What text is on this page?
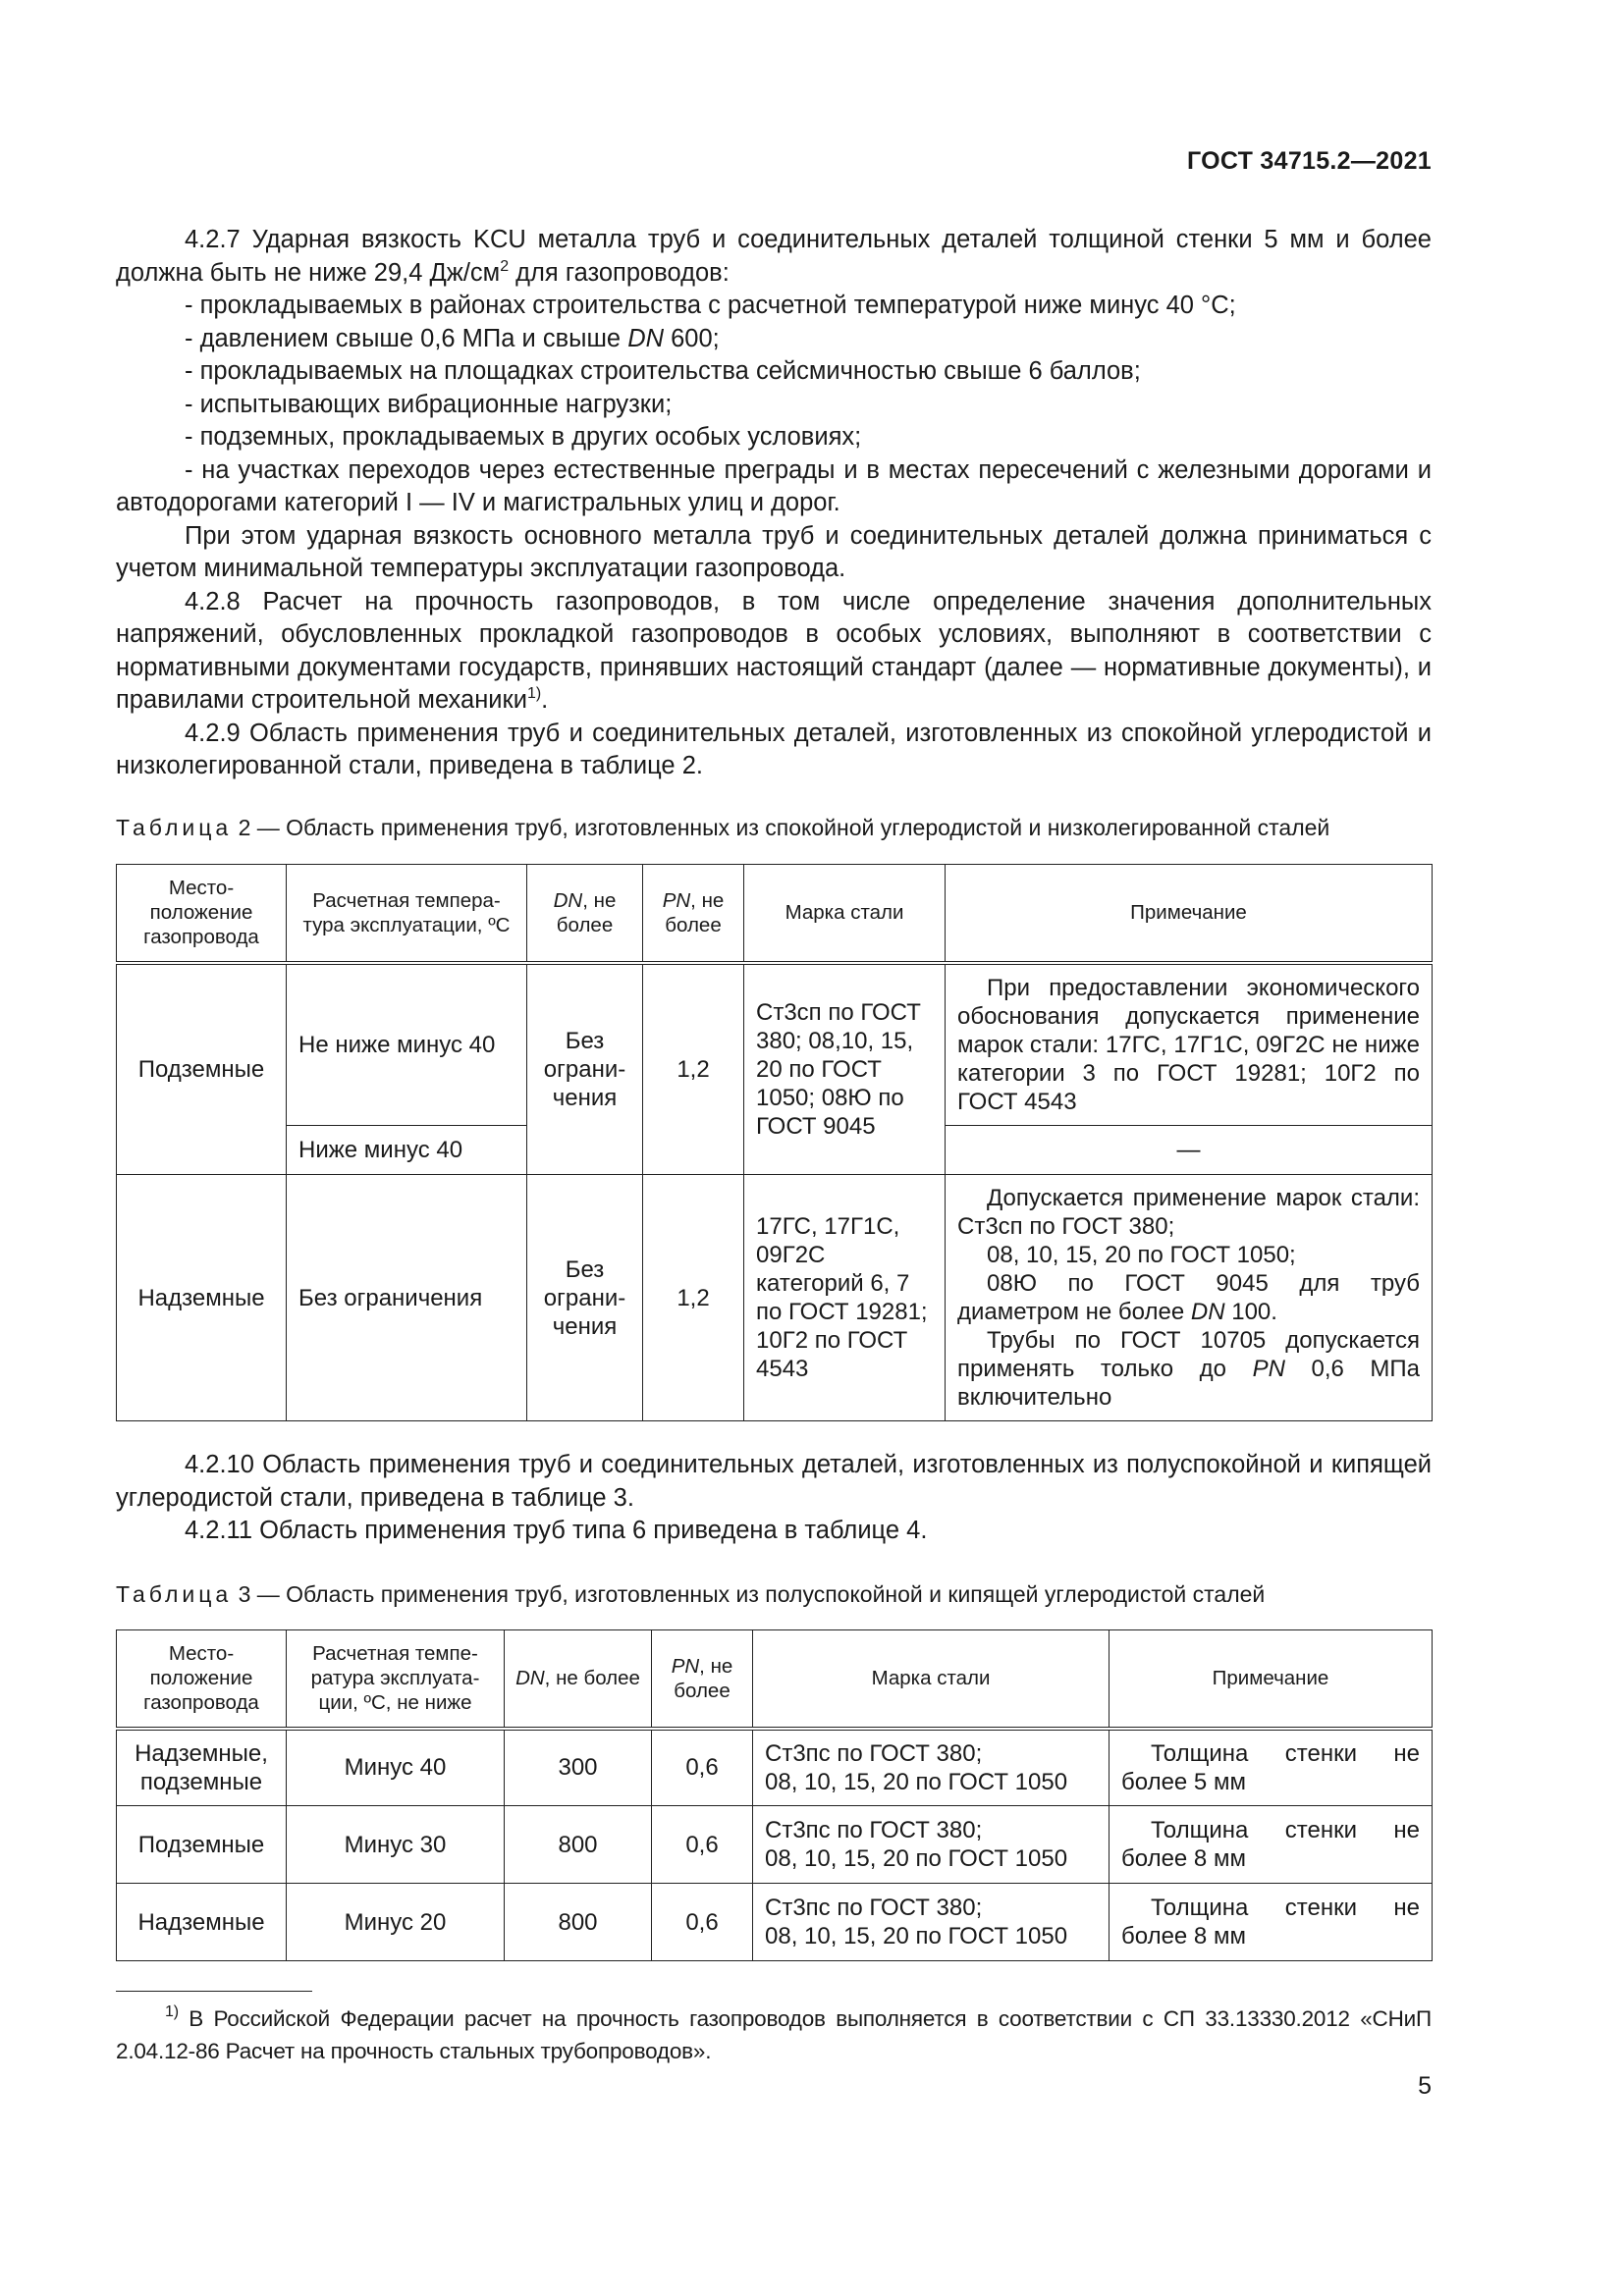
ГОСТ 34715.2—2021

4.2.7 Ударная вязкость KCU металла труб и соединительных деталей толщиной стенки 5 мм и более должна быть не ниже 29,4 $Дж/см^2$ для газопроводов:

- прокладываемых в районах строительства с расчетной температурой ниже минус 40 °С;

- давлением свыше 0,6 МПа и свыше DN 600;

- прокладываемых на площадках строительства сейсмичностью свыше 6 баллов;

- испытывающих вибрационные нагрузки;

- подземных, прокладываемых в других особых условиях;

- на участках переходов через естественные преграды и в местах пересечений с железными дорогами и автодорогами категорий I — IV и магистральных улиц и дорог.

При этом ударная вязкость основного металла труб и соединительных деталей должна приниматься с учетом минимальной температуры эксплуатации газопровода.

4.2.8 Расчет на прочность газопроводов, в том числе определение значения дополнительных напряжений, обусловленных прокладкой газопроводов в особых условиях, выполняют в соответствии с нормативными документами государств, принявших настоящий стандарт (далее — нормативные документы), и правилами строительной механики$^{1)}$.

4.2.9 Область применения труб и соединительных деталей, изготовленных из спокойной углеродистой и низколегированной стали, приведена в таблице 2.

Таблица 2 — Область применения труб, изготовленных из спокойной углеродистой и низколегированной сталей
Место-положение газопровода	Расчетная темпера-тура эксплуатации, ºС	DN, не более	PN, не более	Марка стали	Примечание
Подземные	Не ниже минус 40	Без ограни-чения	1,2	Ст3сп по ГОСТ 380; 08,10, 15, 20 по ГОСТ 1050; 08Ю по ГОСТ 9045	При предоставлении экономического обоснования допускается применение марок стали: 17ГС, 17Г1С, 09Г2С не ниже категории 3 по ГОСТ 19281; 10Г2 по ГОСТ 4543
	Ниже минус 40				—
Надземные	Без ограничения	Без ограни-чения	1,2	17ГС, 17Г1С, 09Г2С категорий 6, 7 по ГОСТ 19281; 10Г2 по ГОСТ 4543	Допускается применение марок стали: Ст3сп по ГОСТ 380;

08, 10, 15, 20 по ГОСТ 1050;

08Ю по ГОСТ 9045 для труб диаметром не более DN 100.

Трубы по ГОСТ 10705 допускается применять только до PN 0,6 МПа включительно

4.2.10 Область применения труб и соединительных деталей, изготовленных из полуспокойной и кипящей углеродистой стали, приведена в таблице 3.

4.2.11 Область применения труб типа 6 приведена в таблице 4.

Таблица 3 — Область применения труб, изготовленных из полуспокойной и кипящей углеродистой сталей
Место-положение газопровода	Расчетная темпе-ратура эксплуата-ции, ºС, не ниже	DN, не более	PN, не более	Марка стали	Примечание
Надземные, подземные	Минус 40	300	0,6	Ст3пс по ГОСТ 380;
08, 10, 15, 20 по ГОСТ 1050	Толщина стенки не более 5 мм
Подземные	Минус 30	800	0,6	Ст3пс по ГОСТ 380;
08, 10, 15, 20 по ГОСТ 1050	Толщина стенки не более 8 мм
Надземные	Минус 20	800	0,6	Ст3пс по ГОСТ 380;
08, 10, 15, 20 по ГОСТ 1050	Толщина стенки не более 8 мм
$^{1)}$ В Российской Федерации расчет на прочность газопроводов выполняется в соответствии с СП 33.13330.2012 «СНиП 2.04.12-86 Расчет на прочность стальных трубопроводов».
5
